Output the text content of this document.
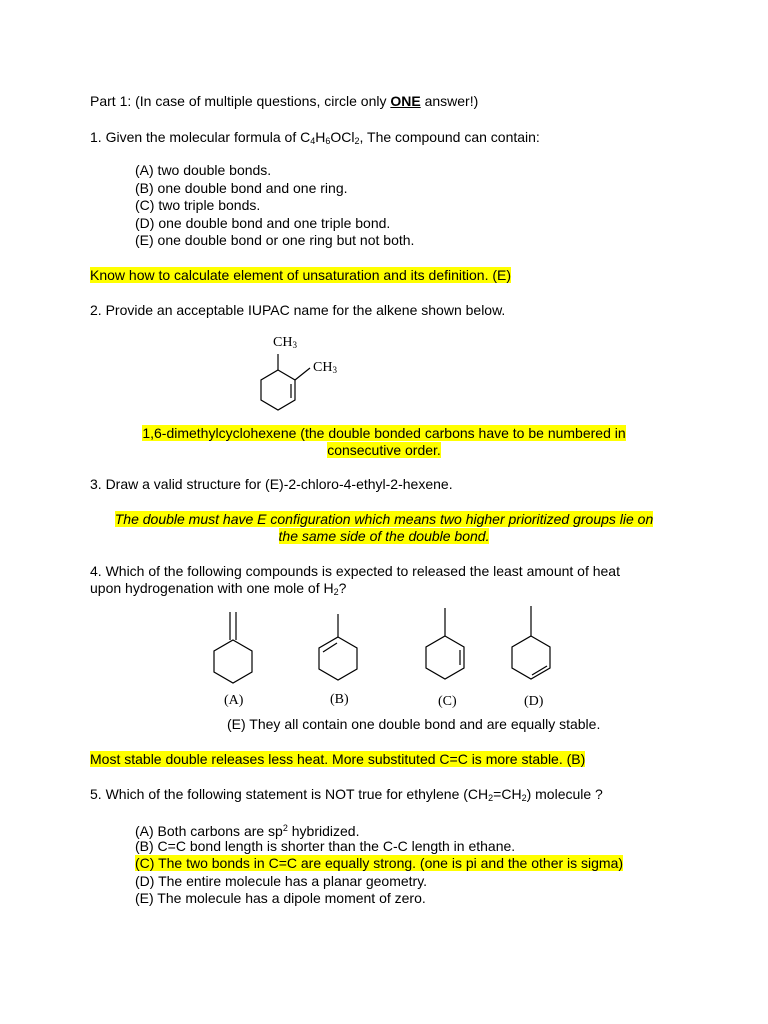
Part 1: (In case of multiple questions, circle only ONE answer!)
1. Given the molecular formula of $C_4H_6OCl_2$, The compound can contain:
(A) two double bonds.
(B) one double bond and one ring.
(C) two triple bonds.
(D) one double bond and one triple bond.
(E) one double bond or one ring but not both.
Know how to calculate element of unsaturation and its definition. (E)
2. Provide an acceptable IUPAC name for the alkene shown below.
$CH_3$
$CH_3$
1,6-dimethylcyclohexene (the double bonded carbons have to be numbered in
consecutive order.
3. Draw a valid structure for (E)-2-chloro-4-ethyl-2-hexene.
The double must have E configuration which means two higher prioritized groups lie on
the same side of the double bond.
4. Which of the following compounds is expected to released the least amount of heat
upon hydrogenation with one mole of $H_2$?
(A)	(B)	(C)	(D)
(E) They all contain one double bond and are equally stable.
Most stable double releases less heat. More substituted C=C is more stable. (B)
5. Which of the following statement is NOT true for ethylene $(CH_2=CH_2)$ molecule ?
(A) Both carbons are $sp^2$ hybridized.
(B) C=C bond length is shorter than the C-C length in ethane.
(C) The two bonds in C=C are equally strong. (one is pi and the other is sigma)
(D) The entire molecule has a planar geometry.
(E) The molecule has a dipole moment of zero.
